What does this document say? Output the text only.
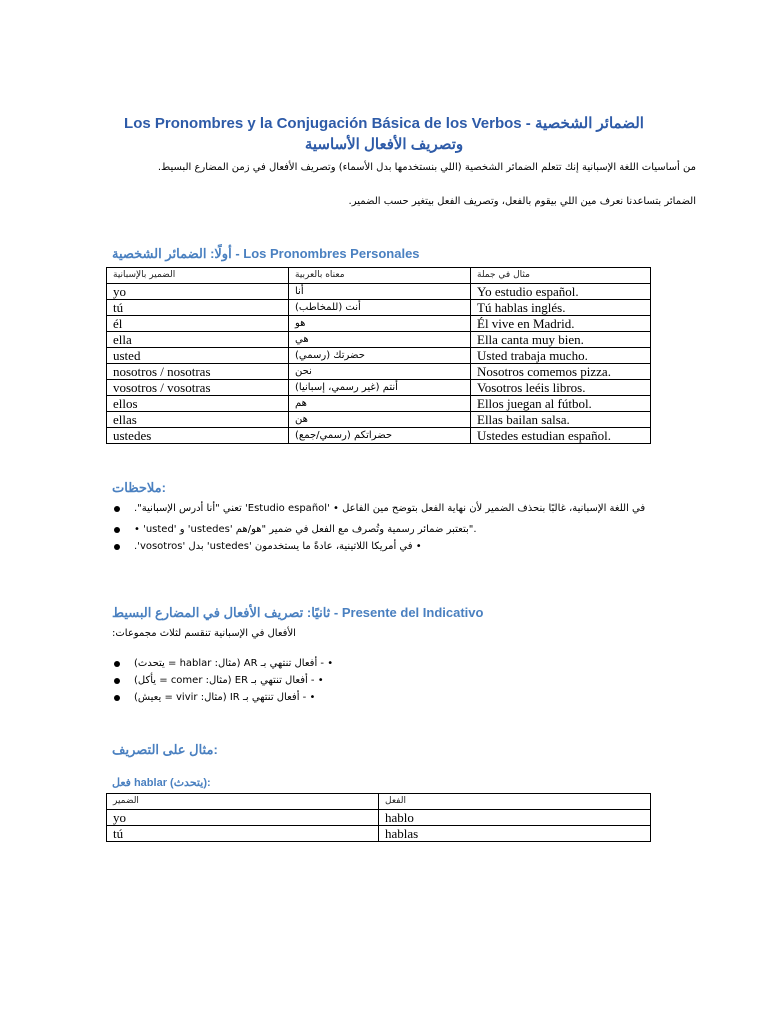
Los Pronombres y la Conjugación Básica de los Verbos - الضمائر الشخصية
وتصريف الأفعال الأساسية
من أساسيات اللغة الإسبانية إنك تتعلم الضمائر الشخصية (اللي بنستخدمها بدل الأسماء) وتصريف الأفعال في زمن المضارع البسيط.
الضمائر بتساعدنا نعرف مين اللي بيقوم بالفعل، وتصريف الفعل بيتغير حسب الضمير.
أولًا: الضمائر الشخصية - Los Pronombres Personales
الضمير بالإسبانية	معناه بالعربية	مثال في جملة
yo	أنا	Yo estudio español.
tú	أنت (للمخاطب)	Tú hablas inglés.
él	هو	Él vive en Madrid.
ella	هي	Ella canta muy bien.
usted	حضرتك (رسمي)	Usted trabaja mucho.
nosotros / nosotras	نحن	Nosotros comemos pizza.
vosotros / vosotras	أنتم (غير رسمي، إسبانيا)	Vosotros leéis libros.
ellos	هم	Ellos juegan al fútbol.
ellas	هن	Ellas bailan salsa.
ustedes	حضراتكم (رسمي/جمع)	Ustedes estudian español.
ملاحظات:
في اللغة الإسبانية، غالبًا بنحذف الضمير لأن نهاية الفعل بتوضح مين الفاعل • 'Estudio español' تعني "أنا أدرس الإسبانية".
• 'usted' و 'ustedes' بتعتبر ضمائر رسمية وتُصرف مع الفعل في ضمير "هو/هم".
• في أمريكا اللاتينية، عادةً ما يستخدمون 'ustedes' بدل 'vosotros'.
ثانيًا: تصريف الأفعال في المضارع البسيط - Presente del Indicativo
الأفعال في الإسبانية تنقسم لثلاث مجموعات:
• - أفعال تنتهي بـ AR (مثال: hablar = يتحدث)
• - أفعال تنتهي بـ ER (مثال: comer = يأكل)
• - أفعال تنتهي بـ IR (مثال: vivir = يعيش)
مثال على التصريف:
فعل hablar (يتحدث):
الضمير	الفعل
yo	hablo
tú	hablas
